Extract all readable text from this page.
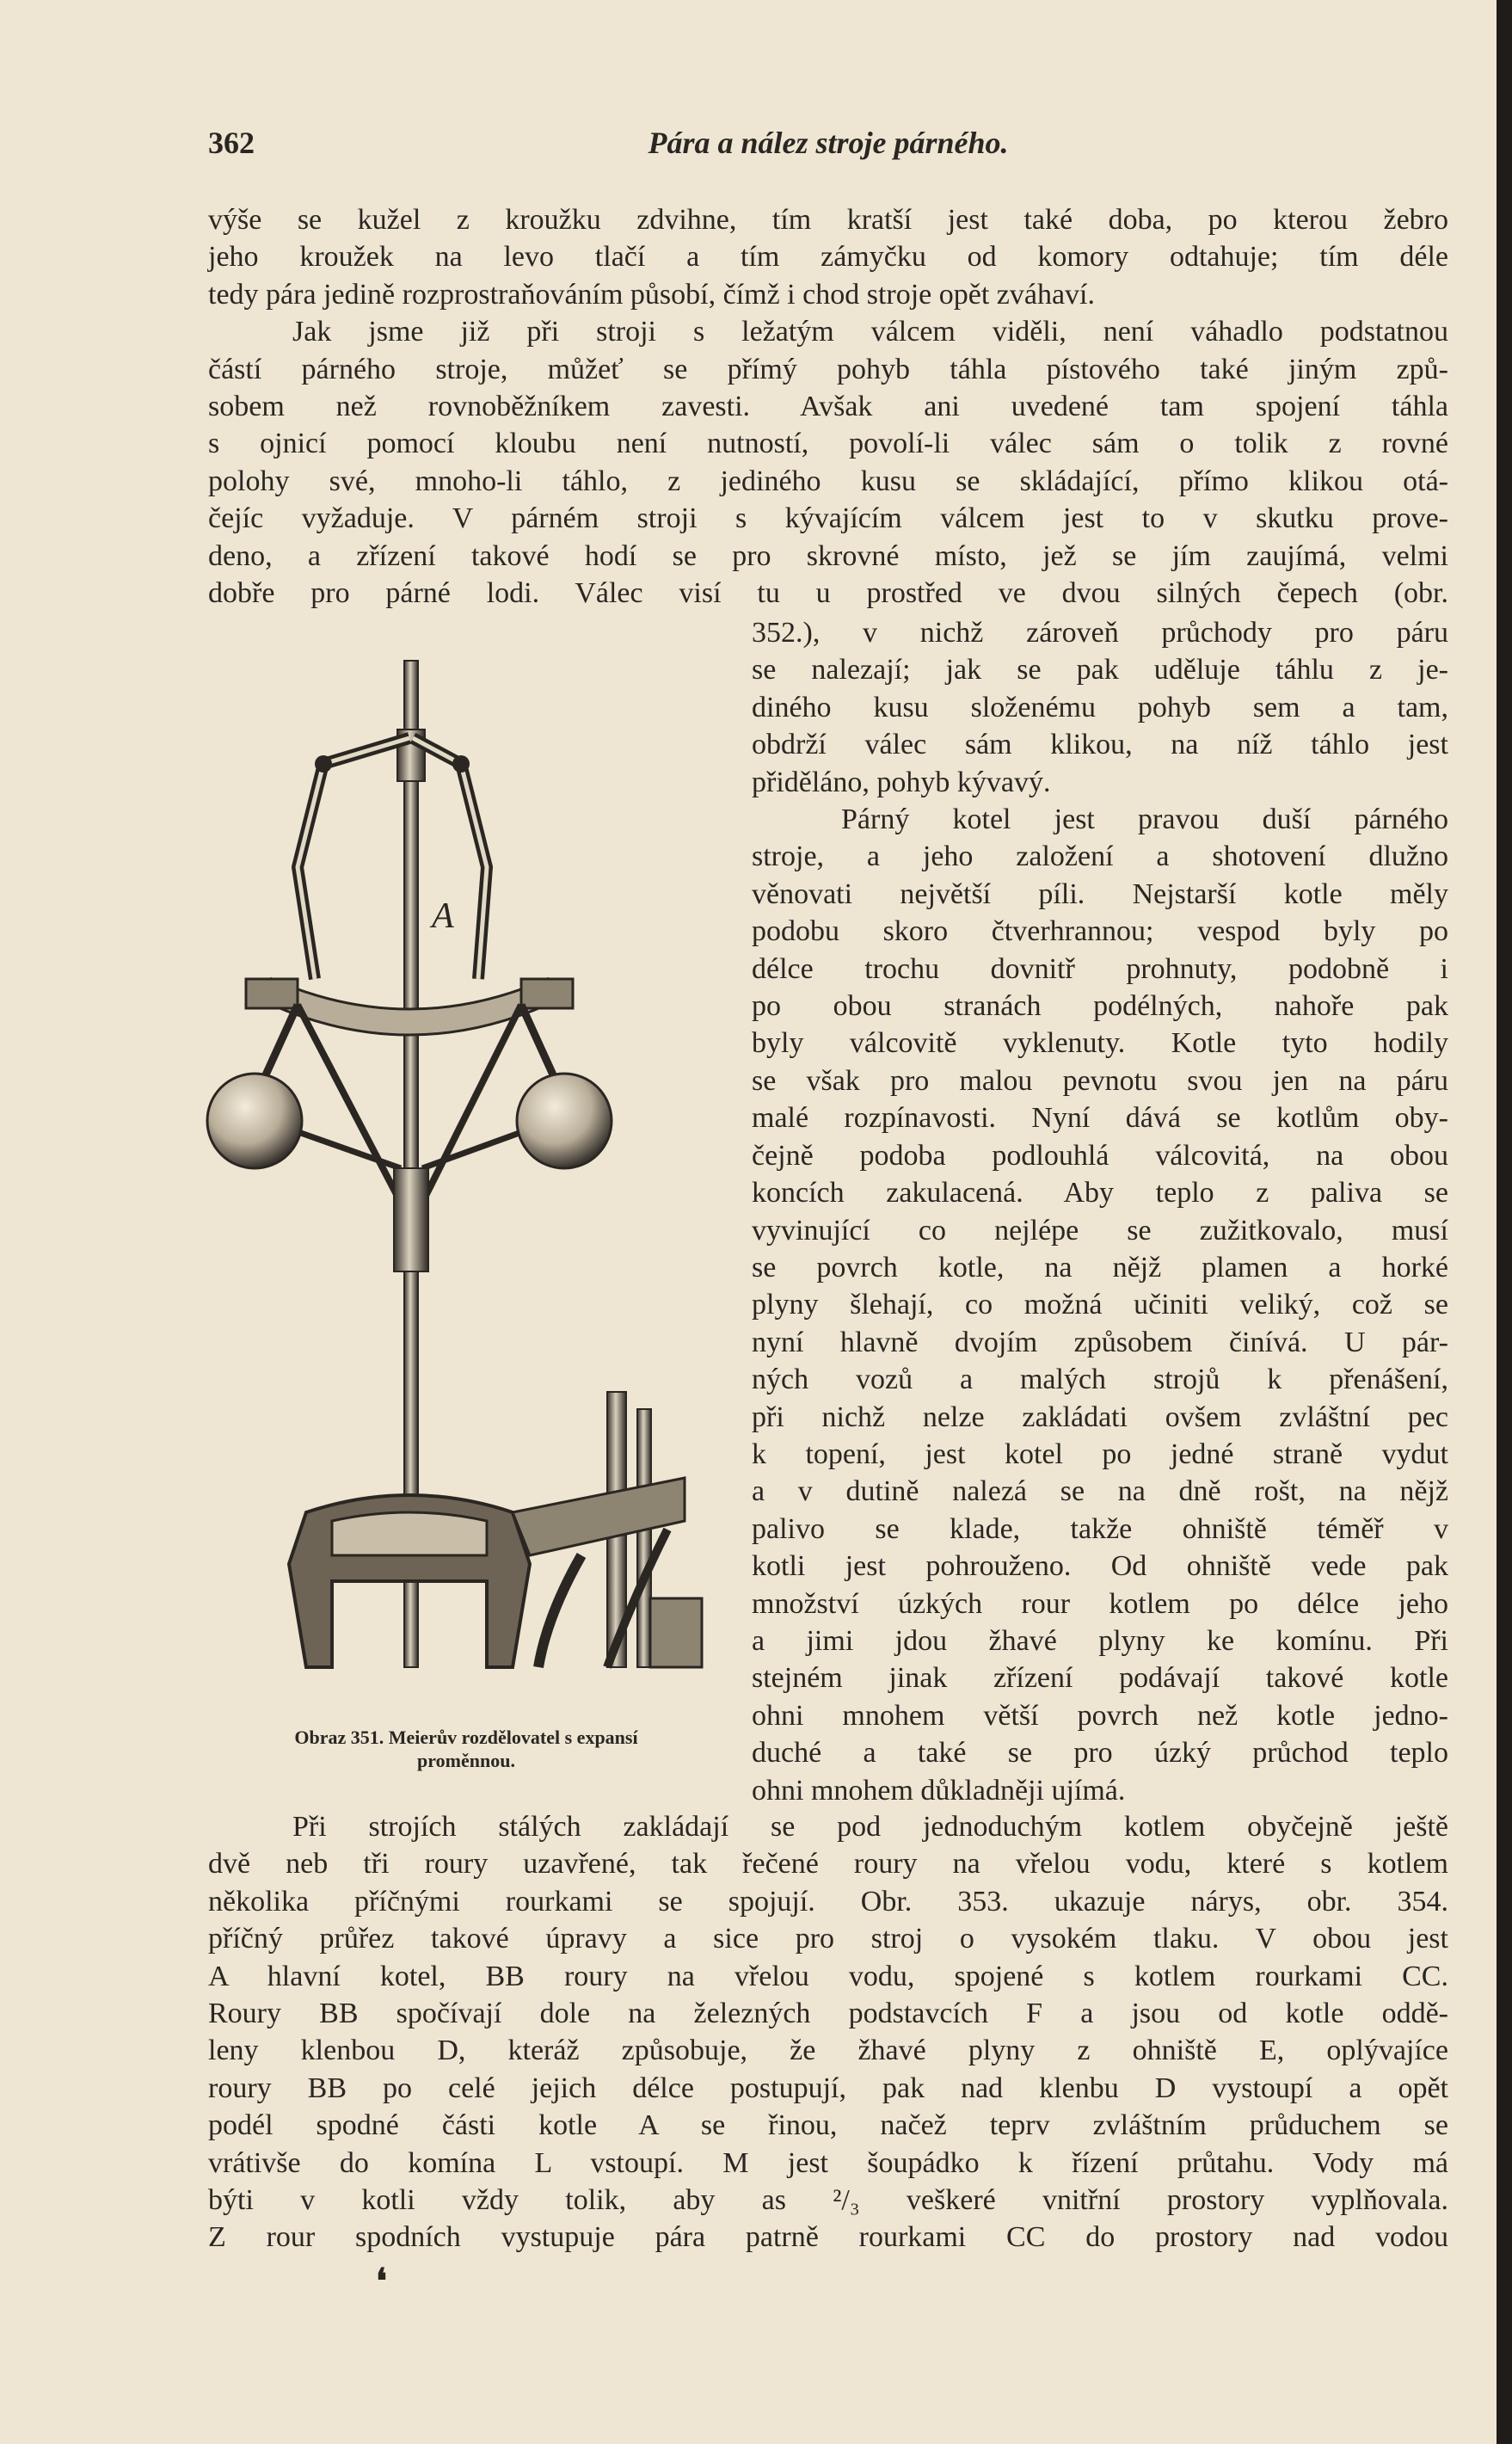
Pára a nález stroje párného.
362

výše se kužel z kroužku zdvihne, tím kratší jest také doba, po kterou žebro

jeho kroužek na levo tlačí a tím zámyčku od komory odtahuje; tím déle

tedy pára jedině rozprostraňováním působí, čímž i chod stroje opět zváhaví.

Jak jsme již při stroji s ležatým válcem viděli, není váhadlo podstatnou

částí párného stroje, můžeť se přímý pohyb táhla pístového také jiným způ-

sobem než rovnoběžníkem zavesti. Avšak ani uvedené tam spojení táhla

s ojnicí pomocí kloubu není nutností, povolí-li válec sám o tolik z rovné

polohy své, mnoho-li táhlo, z jediného kusu se skládající, přímo klikou otá-

čejíc vyžaduje. V párném stroji s kývajícím válcem jest to v skutku prove-

deno, a zřízení takové hodí se pro skrovné místo, jež se jím zaujímá, velmi

dobře pro párné lodi. Válec visí tu u prostřed ve dvou silných čepech (obr.

A
Obraz 351. Meierův rozdělovatel s expansí
proměnnou.

352.), v nichž zároveň průchody pro páru

se nalezají; jak se pak uděluje táhlu z je-

diného kusu složenému pohyb sem a tam,

obdrží válec sám klikou, na níž táhlo jest

přiděláno, pohyb kývavý.

Párný kotel jest pravou duší párného

stroje, a jeho založení a shotovení dlužno

věnovati největší píli. Nejstarší kotle měly

podobu skoro čtverhrannou; vespod byly po

délce trochu dovnitř prohnuty, podobně i

po obou stranách podélných, nahoře pak

byly válcovitě vyklenuty. Kotle tyto hodily

se však pro malou pevnotu svou jen na páru

malé rozpínavosti. Nyní dává se kotlům oby-

čejně podoba podlouhlá válcovitá, na obou

koncích zakulacená. Aby teplo z paliva se

vyvinující co nejlépe se zužitkovalo, musí

se povrch kotle, na nějž plamen a horké

plyny šlehají, co možná učiniti veliký, což se

nyní hlavně dvojím způsobem činívá. U pár-

ných vozů a malých strojů k přenášení,

při nichž nelze zakládati ovšem zvláštní pec

k topení, jest kotel po jedné straně vydut

a v dutině nalezá se na dně rošt, na nějž

palivo se klade, takže ohniště téměř v

kotli jest pohrouženo. Od ohniště vede pak

množství úzkých rour kotlem po délce jeho

a jimi jdou žhavé plyny ke komínu. Při

stejném jinak zřízení podávají takové kotle

ohni mnohem větší povrch než kotle jedno-

duché a také se pro úzký průchod teplo

ohni mnohem důkladněji ujímá.

Při strojích stálých zakládají se pod jednoduchým kotlem obyčejně ještě

dvě neb tři roury uzavřené, tak řečené roury na vřelou vodu, které s kotlem

několika příčnými rourkami se spojují. Obr. 353. ukazuje nárys, obr. 354.

příčný průřez takové úpravy a sice pro stroj o vysokém tlaku. V obou jest

A hlavní kotel, BB roury na vřelou vodu, spojené s kotlem rourkami CC.

Roury BB spočívají dole na železných podstavcích F a jsou od kotle oddě-

leny klenbou D, kteráž způsobuje, že žhavé plyny z ohniště E, oplývajíce

roury BB po celé jejich délce postupují, pak nad klenbu D vystoupí a opět

podél spodné části kotle A se řinou, načež teprv zvláštním průduchem se

vrátivše do komína L vstoupí. M jest šoupádko k řízení průtahu. Vody má

býti v kotli vždy tolik, aby as ²/₃ veškeré vnitřní prostory vyplňovala.

Z rour spodních vystupuje pára patrně rourkami CC do prostory nad vodou

❛
